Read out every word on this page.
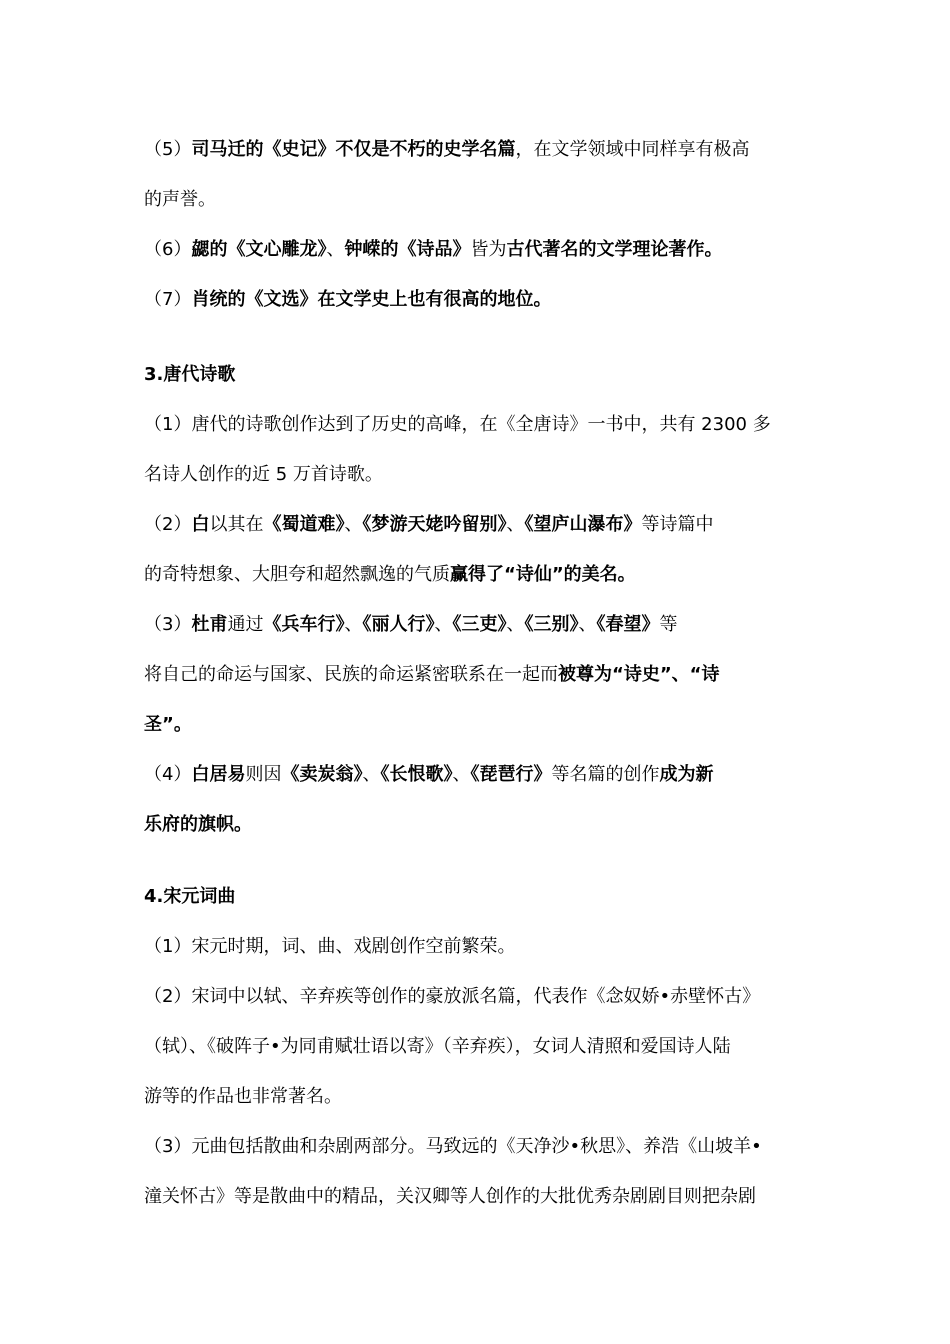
（5）司马迁的《史记》不仅是不朽的史学名篇，在文学领域中同样享有极高
的声誉。

（6）勰的《文心雕龙》、钟嵘的《诗品》皆为古代著名的文学理论著作。

（7）肖统的《文选》在文学史上也有很高的地位。

3.唐代诗歌

（1）唐代的诗歌创作达到了历史的高峰，在《全唐诗》一书中，共有 2300 多
名诗人创作的近 5 万首诗歌。

（2）白以其在《蜀道难》、《梦游天姥吟留别》、《望庐山瀑布》等诗篇中
的奇特想象、大胆夸和超然飘逸的气质赢得了“诗仙”的美名。

（3）杜甫通过《兵车行》、《丽人行》、《三吏》、《三别》、《春望》等
将自己的命运与国家、民族的命运紧密联系在一起而被尊为“诗史”、“诗
圣”。

（4）白居易则因《卖炭翁》、《长恨歌》、《琵琶行》等名篇的创作成为新
乐府的旗帜。

4.宋元词曲

（1）宋元时期，词、曲、戏剧创作空前繁荣。

（2）宋词中以轼、辛弃疾等创作的豪放派名篇，代表作《念奴娇•赤壁怀古》
（轼）、《破阵子•为同甫赋壮语以寄》（辛弃疾），女词人清照和爱国诗人陆
游等的作品也非常著名。

（3）元曲包括散曲和杂剧两部分。马致远的《天净沙•秋思》、养浩《山坡羊•
潼关怀古》等是散曲中的精品，关汉卿等人创作的大批优秀杂剧剧目则把杂剧
